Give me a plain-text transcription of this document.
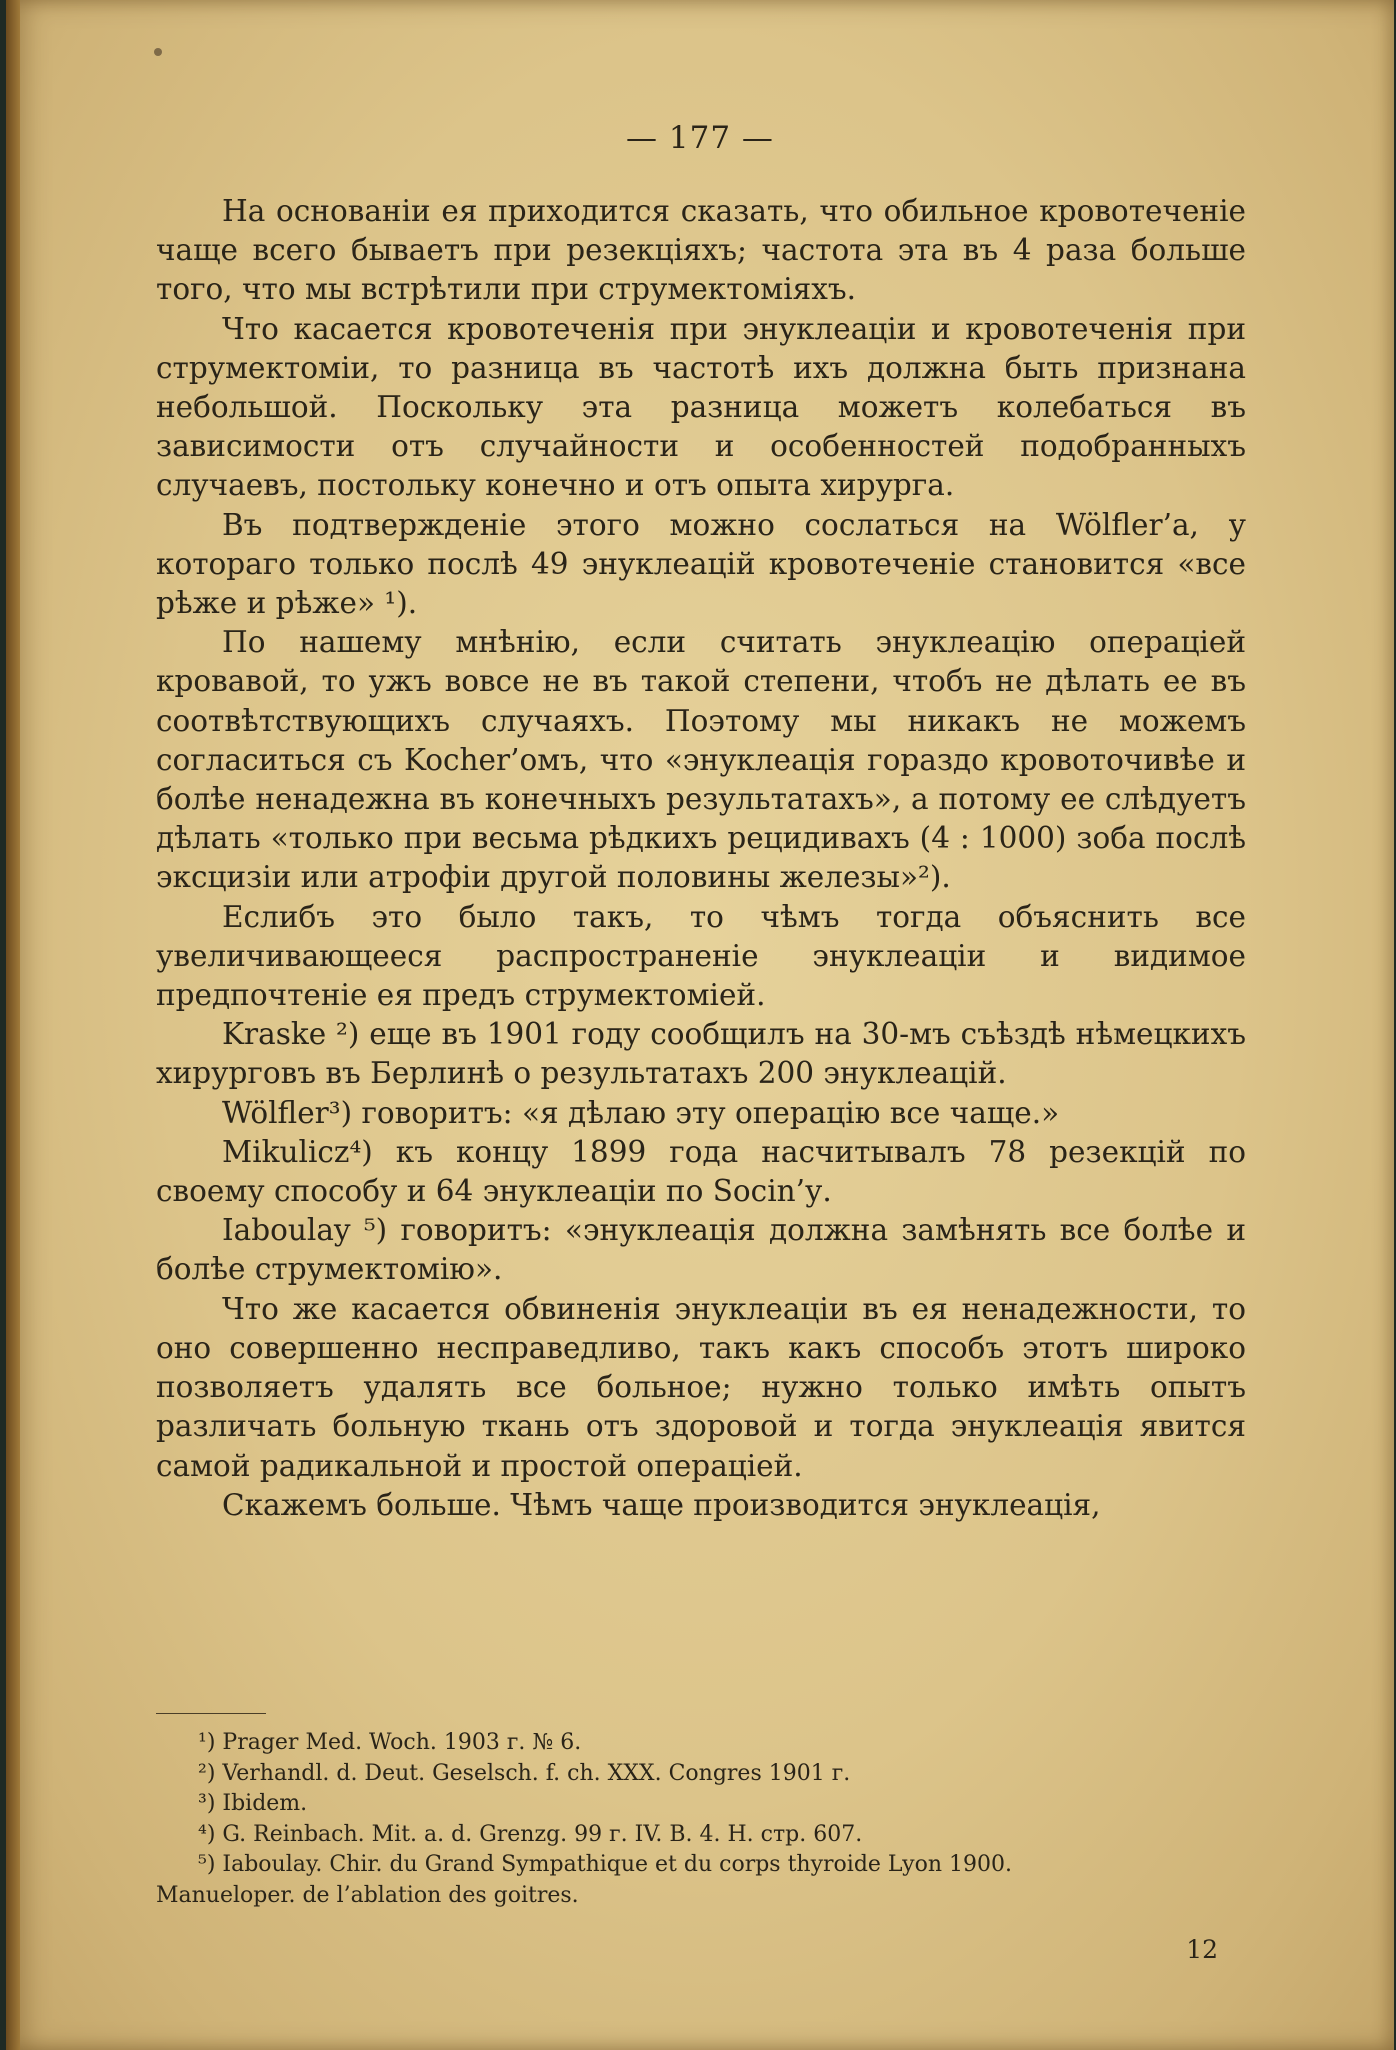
— 177 —

На основаніи ея приходится сказать, что обильное кровотеченіе чаще всего бываетъ при резекціяхъ; частота эта въ 4 раза больше того, что мы встрѣтили при струмектоміяхъ.

Что касается кровотеченія при энуклеаціи и кровотеченія при струмектоміи, то разница въ частотѣ ихъ должна быть признана небольшой. Поскольку эта разница можетъ колебаться въ зависимости отъ случайности и особенностей подобранныхъ случаевъ, постольку конечно и отъ опыта хирурга.

Въ подтвержденіе этого можно сослаться на Wölfler’а, у котораго только послѣ 49 энуклеацій кровотеченіе становится «все рѣже и рѣже» ¹).

По нашему мнѣнію, если считать энуклеацію операціей кровавой, то ужъ вовсе не въ такой степени, чтобъ не дѣлать ее въ соотвѣтствующихъ случаяхъ. Поэтому мы никакъ не можемъ согласиться съ Kocher’омъ, что «энуклеація гораздо кровоточивѣе и болѣе ненадежна въ конечныхъ результатахъ», а потому ее слѣдуетъ дѣлать «только при весьма рѣдкихъ рецидивахъ (4 : 1000) зоба послѣ эксцизіи или атрофіи другой половины железы»²).

Еслибъ это было такъ, то чѣмъ тогда объяснить все увеличивающееся распространеніе энуклеаціи и видимое предпочтеніе ея предъ струмектоміей.

Kraske ²) еще въ 1901 году сообщилъ на 30-мъ съѣздѣ нѣмецкихъ хирурговъ въ Берлинѣ о результатахъ 200 энуклеацій.

Wölfler³) говоритъ: «я дѣлаю эту операцію все чаще.»

Mikulicz⁴) къ концу 1899 года насчитывалъ 78 резекцій по своему способу и 64 энуклеаціи по Socin’у.

Iaboulay ⁵) говоритъ: «энуклеація должна замѣнять все болѣе и болѣе струмектомію».

Что же касается обвиненія энуклеаціи въ ея ненадежности, то оно совершенно несправедливо, такъ какъ способъ этотъ широко позволяетъ удалять все больное; нужно только имѣть опытъ различать больную ткань отъ здоровой и тогда энуклеація явится самой радикальной и простой операціей.

Скажемъ больше. Чѣмъ чаще производится энуклеація,

¹) Prager Med. Woch. 1903 г. № 6.
²) Verhandl. d. Deut. Geselsch. f. ch. XXX. Congres 1901 г.
³) Ibidem.
⁴) G. Reinbach. Mit. a. d. Grenzg. 99 г. IV. B. 4. H. стр. 607.
⁵) Iaboulay. Chir. du Grand Sympathique et du corps thyroide Lyon 1900.
Manueloper. de l’ablation des goitres.
12
